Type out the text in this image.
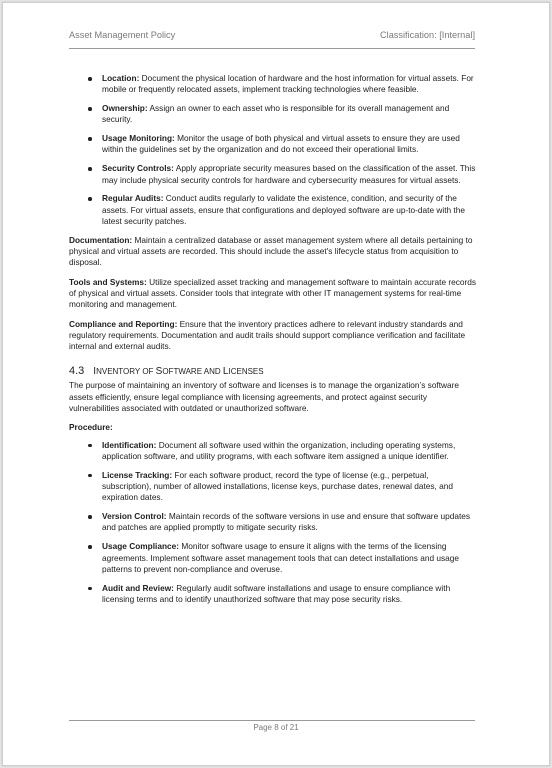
Asset Management Policy	Classification: [Internal]
Location: Document the physical location of hardware and the host information for virtual assets. For mobile or frequently relocated assets, implement tracking technologies where feasible.
Ownership: Assign an owner to each asset who is responsible for its overall management and security.
Usage Monitoring: Monitor the usage of both physical and virtual assets to ensure they are used within the guidelines set by the organization and do not exceed their operational limits.
Security Controls: Apply appropriate security measures based on the classification of the asset. This may include physical security controls for hardware and cybersecurity measures for virtual assets.
Regular Audits: Conduct audits regularly to validate the existence, condition, and security of the assets. For virtual assets, ensure that configurations and deployed software are up-to-date with the latest security patches.

Documentation: Maintain a centralized database or asset management system where all details pertaining to physical and virtual assets are recorded. This should include the asset's lifecycle status from acquisition to disposal.

Tools and Systems: Utilize specialized asset tracking and management software to maintain accurate records of physical and virtual assets. Consider tools that integrate with other IT management systems for real-time monitoring and management.

Compliance and Reporting: Ensure that the inventory practices adhere to relevant industry standards and regulatory requirements. Documentation and audit trails should support compliance verification and facilitate internal and external audits.

4.3 INVENTORY OF SOFTWARE AND LICENSES

The purpose of maintaining an inventory of software and licenses is to manage the organization’s software assets efficiently, ensure legal compliance with licensing agreements, and protect against security vulnerabilities associated with outdated or unauthorized software.

Procedure:

Identification: Document all software used within the organization, including operating systems, application software, and utility programs, with each software item assigned a unique identifier.
License Tracking: For each software product, record the type of license (e.g., perpetual, subscription), number of allowed installations, license keys, purchase dates, renewal dates, and expiration dates.
Version Control: Maintain records of the software versions in use and ensure that software updates and patches are applied promptly to mitigate security risks.
Usage Compliance: Monitor software usage to ensure it aligns with the terms of the licensing agreements. Implement software asset management tools that can detect installations and usage patterns to prevent non-compliance and overuse.
Audit and Review: Regularly audit software installations and usage to ensure compliance with licensing terms and to identify unauthorized software that may pose security risks.
Page 8 of 21
